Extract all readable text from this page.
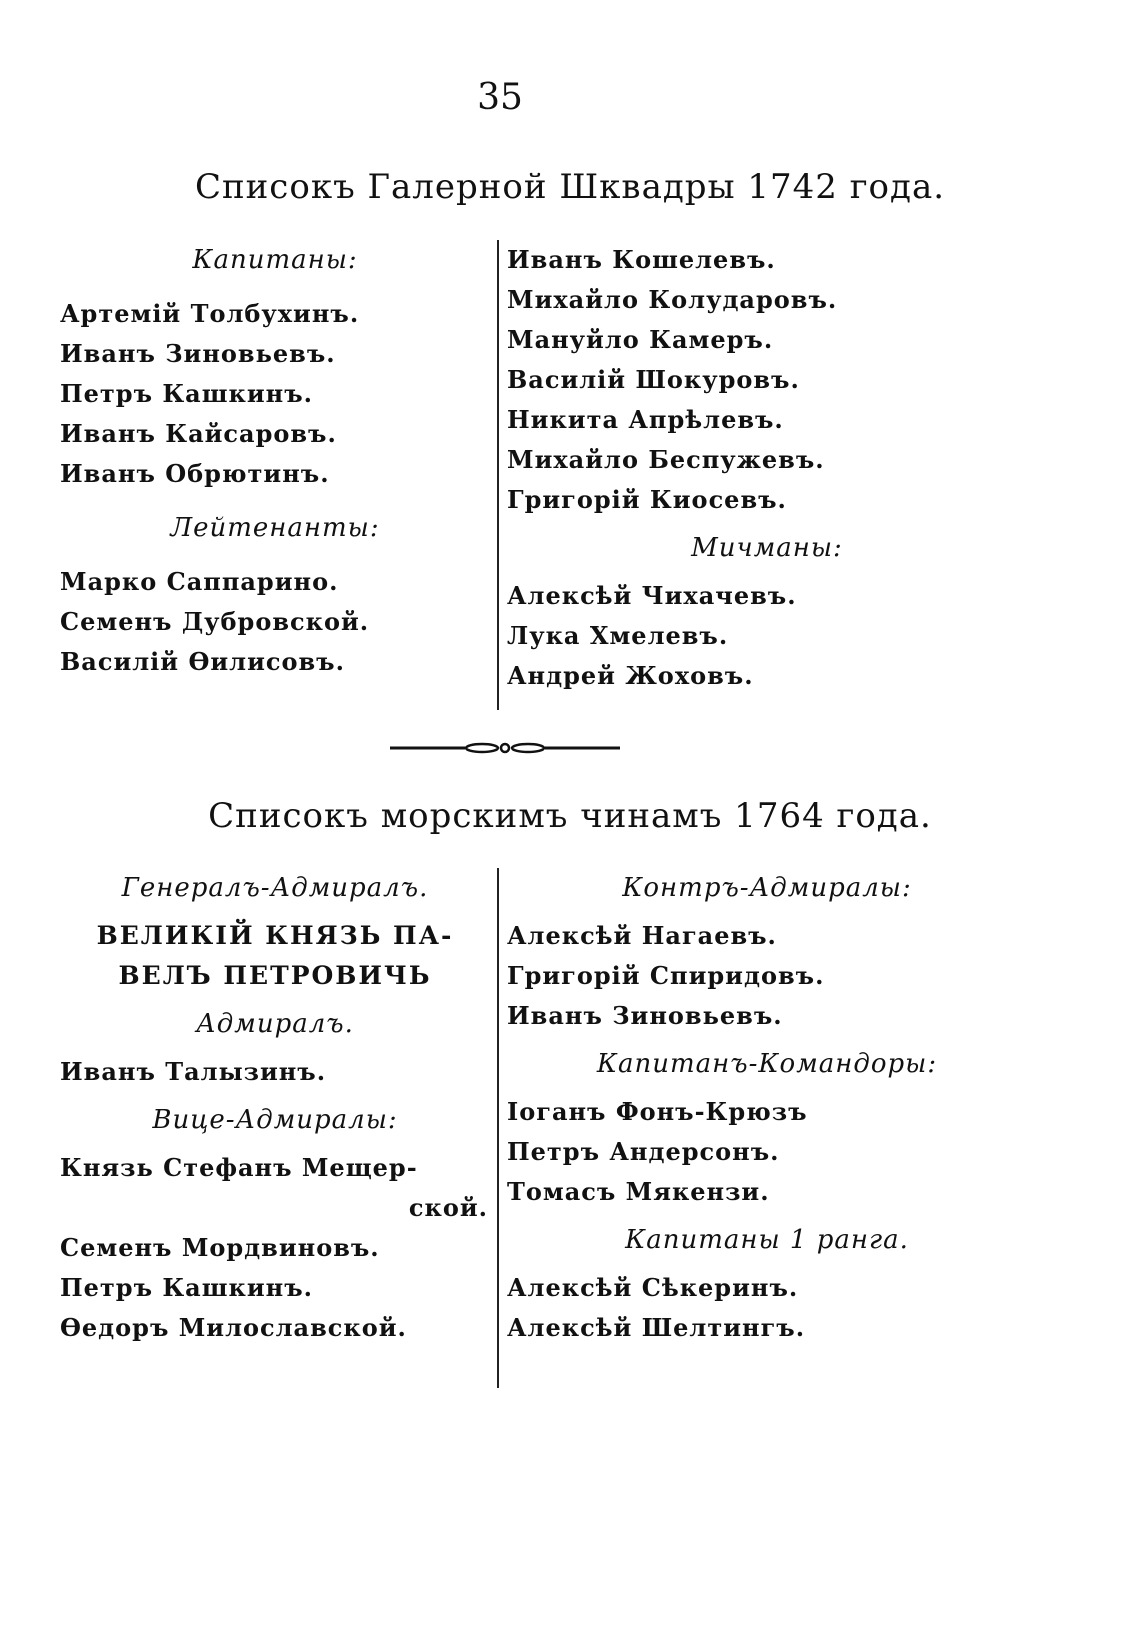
35
Списокъ Галерной Шквадры 1742 года.

Капитаны:

Артемій Толбухинъ.

Иванъ Зиновьевъ.

Петръ Кашкинъ.

Иванъ Кайсаровъ.

Иванъ Обрютинъ.

Лейтенанты:

Марко Саппарино.

Семенъ Дубровской.

Василій Өилисовъ.

Иванъ Кошелевъ.

Михайло Колударовъ.

Мануйло Камеръ.

Василій Шокуровъ.

Никита Апрѣлевъ.

Михайло Беспужевъ.

Григорій Киосевъ.

Мичманы:

Алексѣй Чихачевъ.

Лука Хмелевъ.

Андрей Жоховъ.

Списокъ морскимъ чинамъ 1764 года.

Генералъ-Адмиралъ.

ВЕЛИКІЙ КНЯЗЬ ПА-

ВЕЛЪ ПЕТРОВИЧЬ

Адмиралъ.

Иванъ Талызинъ.

Вице-Адмиралы:

Князь Стефанъ Мещер-

ской.

Семенъ Мордвиновъ.

Петръ Кашкинъ.

Өедоръ Милославской.

Контръ-Адмиралы:

Алексѣй Нагаевъ.

Григорій Спиридовъ.

Иванъ Зиновьевъ.

Капитанъ-Командоры:

Іоганъ Фонъ-Крюзъ

Петръ Андерсонъ.

Томасъ Мякензи.

Капитаны 1 ранга.

Алексѣй Сѣкеринъ.

Алексѣй Шелтингъ.
